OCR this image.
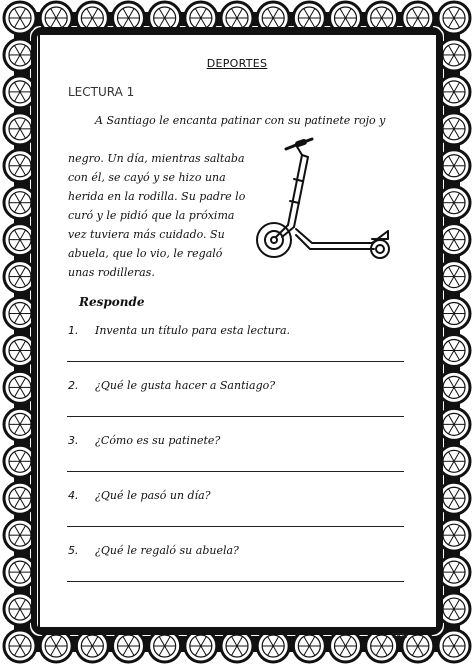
DEPORTES
LECTURA 1

A Santiago le encanta patinar con su patinete rojo y

negro. Un día, mientras saltaba
con él, se cayó y se hizo una
herida en la rodilla. Su padre lo
curó y le pidió que la próxima
vez tuviera más cuidado. Su
abuela, que lo vio, le regaló
unas rodilleras.
Responde
1. Inventa un título para esta lectura.
2. ¿Qué le gusta hacer a Santiago?
3. ¿Cómo es su patinete?
4. ¿Qué le pasó un día?
5. ¿Qué le regaló su abuela?
SRM
